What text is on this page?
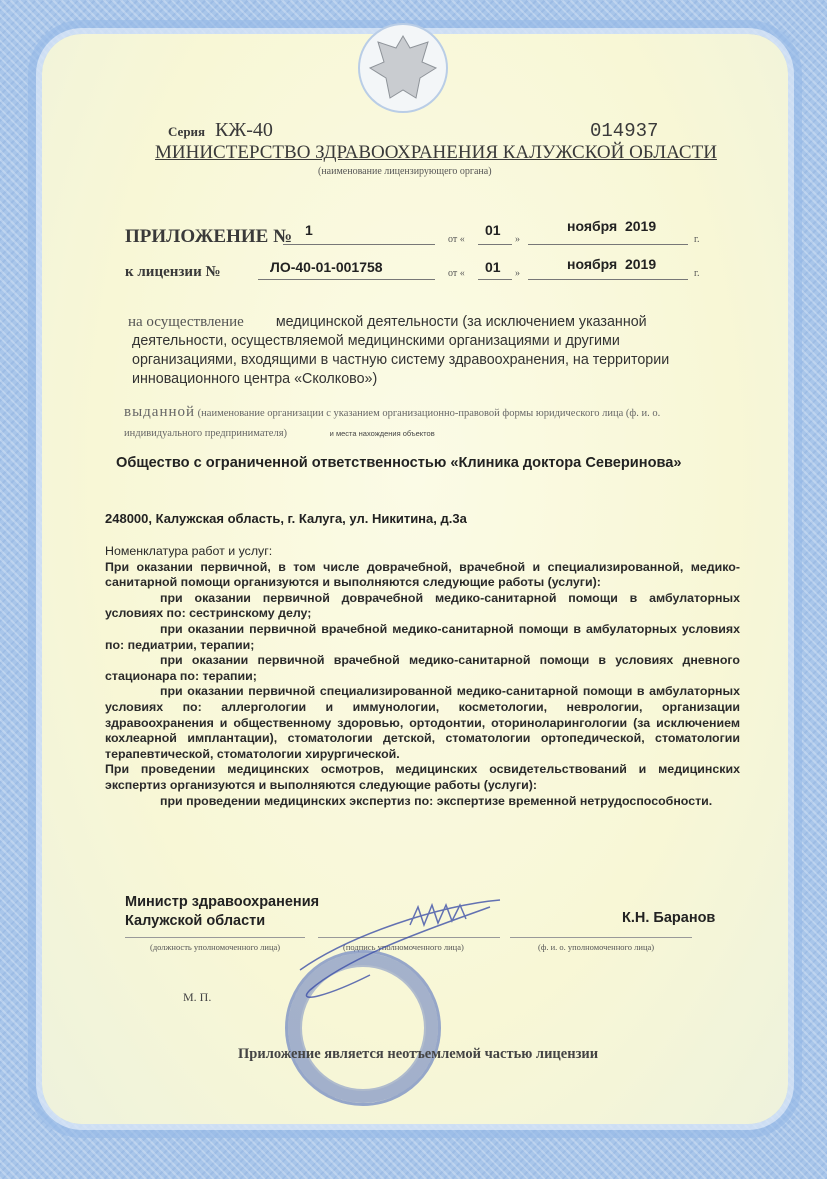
Серия КЖ-40	014937
МИНИСТЕРСТВО ЗДРАВООХРАНЕНИЯ КАЛУЖСКОЙ ОБЛАСТИ
(наименование лицензирующего органа)
ПРИЛОЖЕНИЕ № 1
от «
01
»
ноября  2019
г.
к лицензии №	ЛО-40-01-001758	от « 01 »
ноября  2019
г.
на осуществление медицинской деятельности (за исключением указанной деятельности, осуществляемой медицинскими организациями и другими организациями, входящими в частную систему здравоохранения, на территории инновационного центра «Сколково»)
выданной (наименование организации с указанием организационно-правовой формы юридического лица (ф. и. о. индивидуального предпринимателя)	и места нахождения объектов
Общество с ограниченной ответственностью «Клиника доктора Северинова»
248000, Калужская область, г. Калуга, ул. Никитина, д.3а

Номенклатура работ и услуг:

При оказании первичной, в том числе доврачебной, врачебной и специализированной, медико-санитарной помощи организуются и выполняются следующие работы (услуги):

при оказании первичной доврачебной медико-санитарной помощи в амбулаторных условиях по: сестринскому делу;

при оказании первичной врачебной медико-санитарной помощи в амбулаторных условиях по: педиатрии, терапии;

при оказании первичной врачебной медико-санитарной помощи в условиях дневного стационара по: терапии;

при оказании первичной специализированной медико-санитарной помощи в амбулаторных условиях по: аллергологии и иммунологии, косметологии, неврологии, организации здравоохранения и общественному здоровью, ортодонтии, оториноларингологии (за исключением кохлеарной имплантации), стоматологии детской, стоматологии ортопедической, стоматологии терапевтической, стоматологии хирургической.

При проведении медицинских осмотров, медицинских освидетельствований и медицинских экспертиз организуются и выполняются следующие работы (услуги):

при проведении медицинских экспертиз по: экспертизе временной нетрудоспособности.

Министр здравоохранения
Калужской области	К.Н. Баранов
(должность уполномоченного лица)	(подпись уполномоченного лица)	(ф. и. о. уполномоченного лица)
М. П.
Приложение является неотъемлемой частью лицензии
